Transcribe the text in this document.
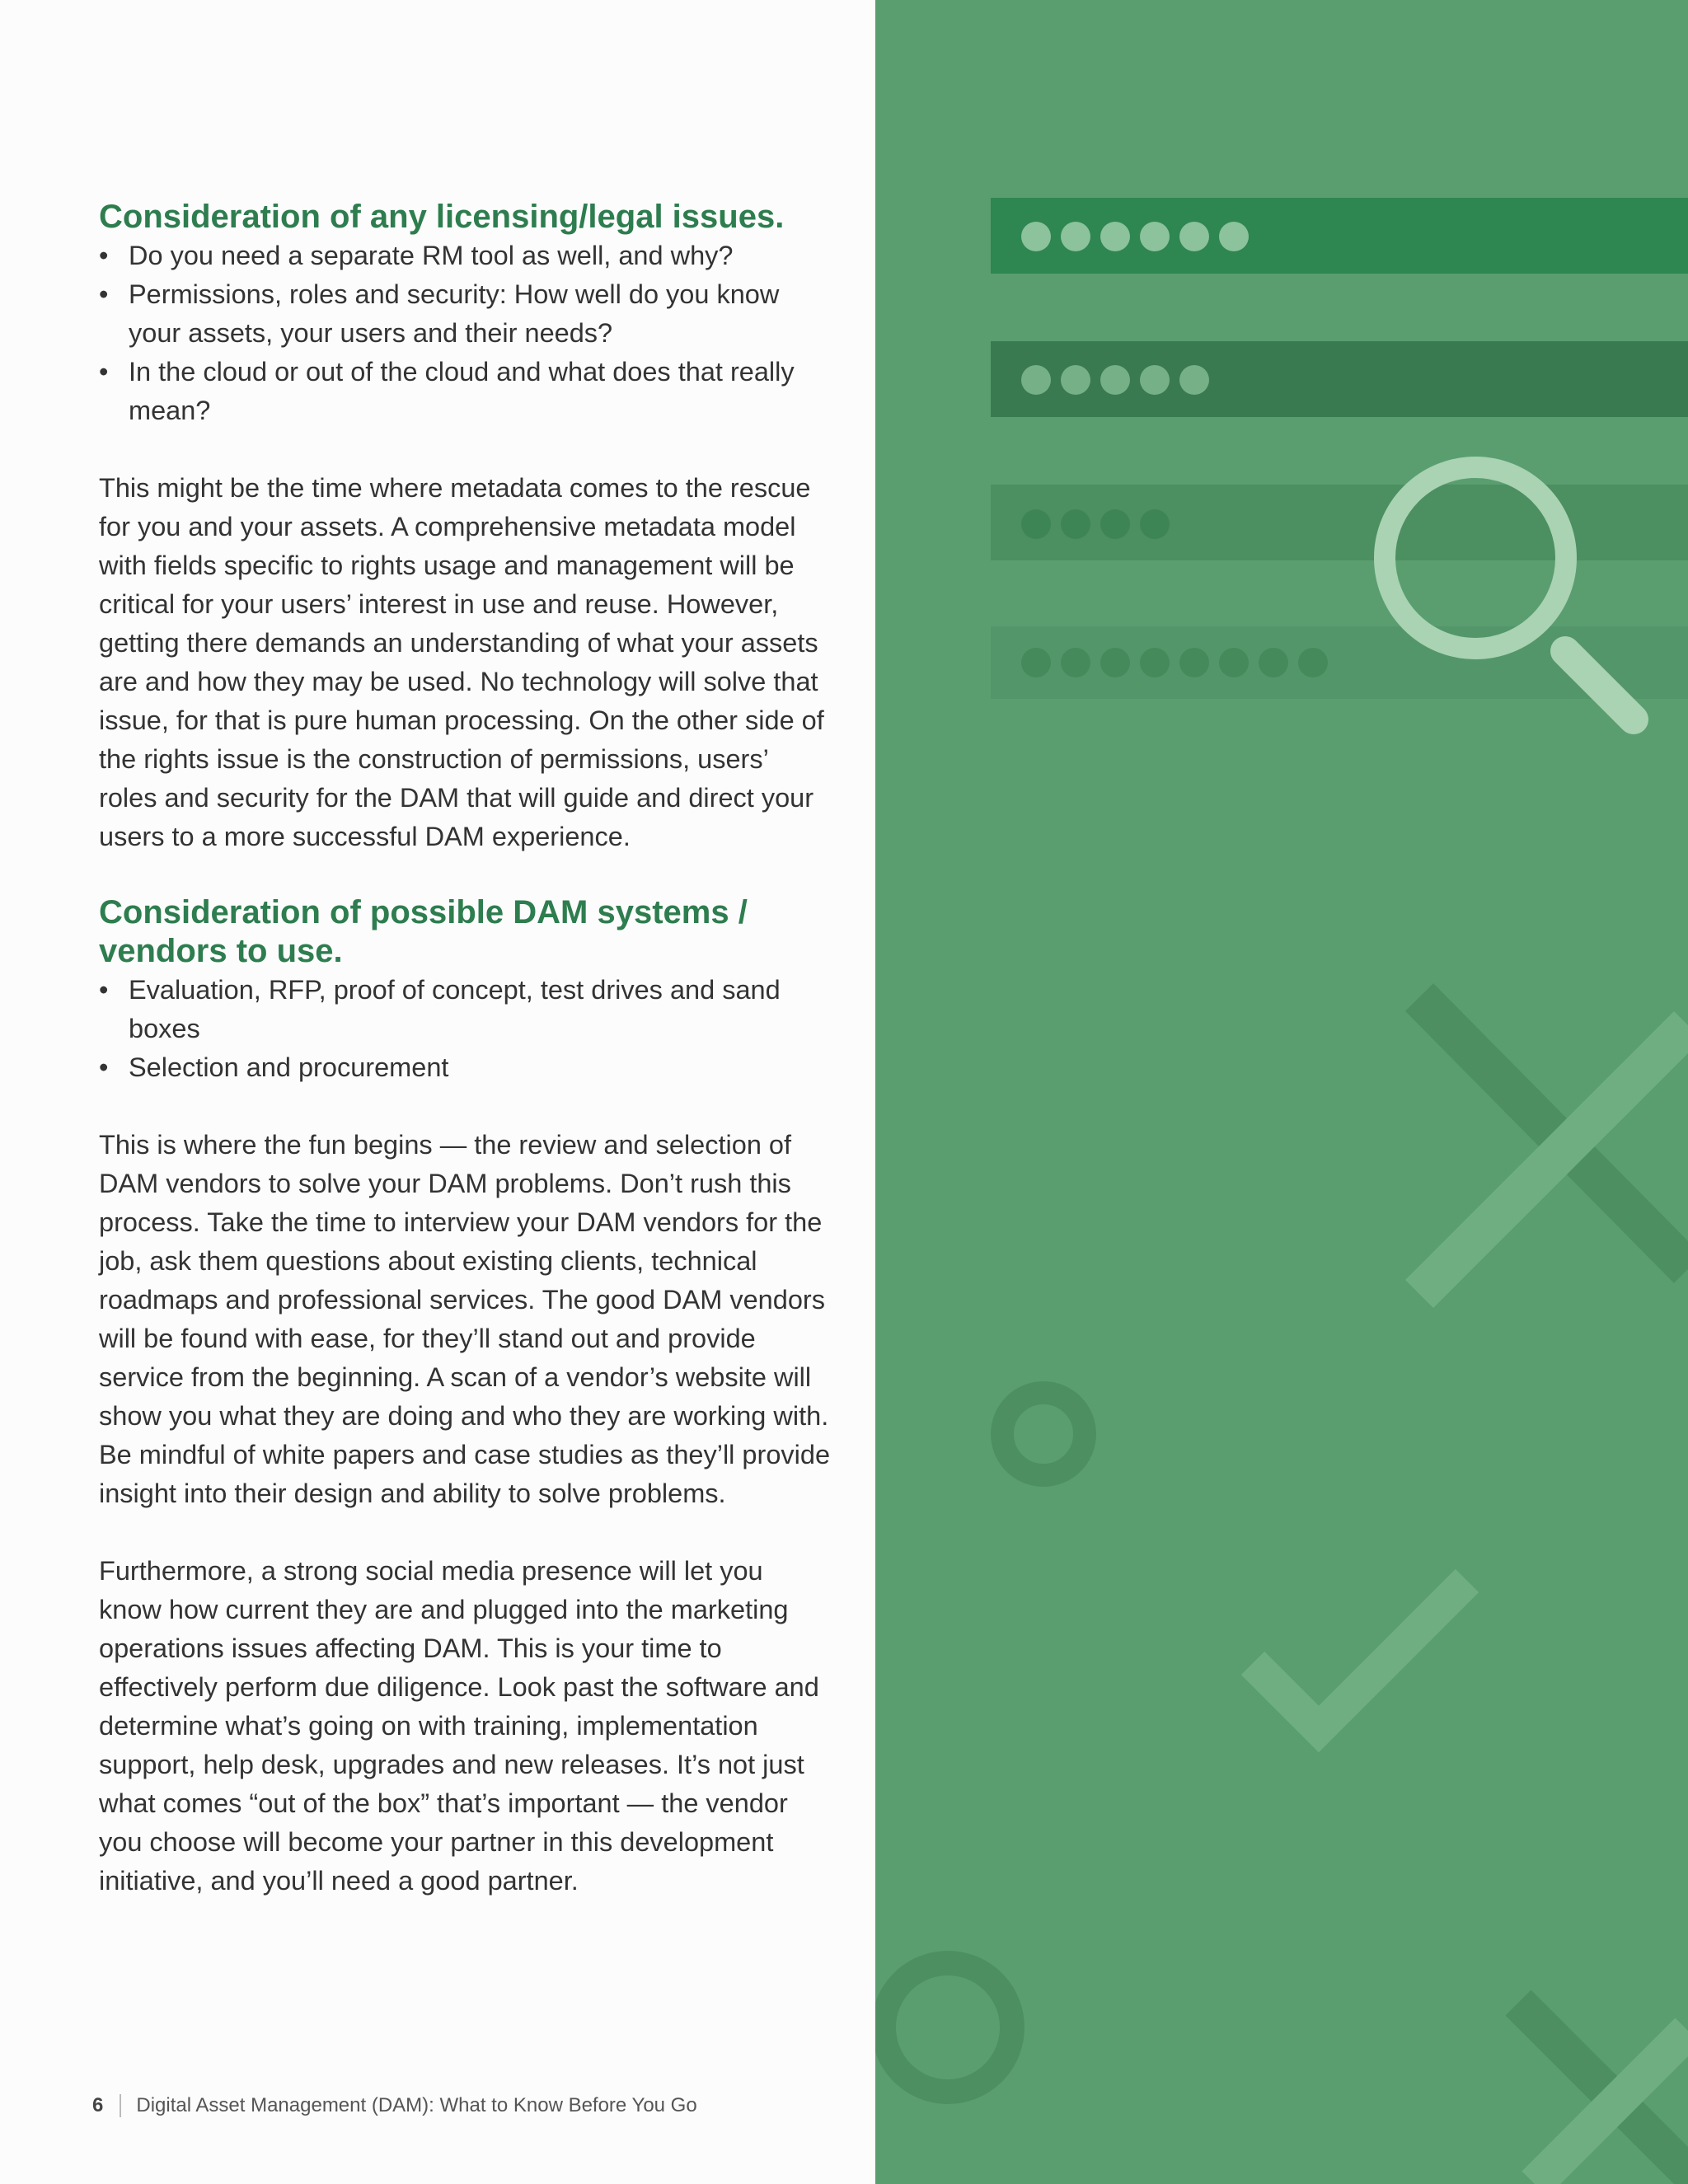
Consideration of any licensing/legal issues.
• Do you need a separate RM tool as well, and why?
• Permissions, roles and security: How well do you know your assets, your users and their needs?
• In the cloud or out of the cloud and what does that really mean?

This might be the time where metadata comes to the rescue for you and your assets. A comprehensive metadata model with fields specific to rights usage and management will be critical for your users’ interest in use and reuse. However, getting there demands an understanding of what your assets are and how they may be used. No technology will solve that issue, for that is pure human processing. On the other side of the rights issue is the construction of permissions, users’ roles and security for the DAM that will guide and direct your users to a more successful DAM experience.

Consideration of possible DAM systems / vendors to use.
• Evaluation, RFP, proof of concept, test drives and sand boxes
• Selection and procurement

This is where the fun begins — the review and selection of DAM vendors to solve your DAM problems. Don’t rush this process. Take the time to interview your DAM vendors for the job, ask them questions about existing clients, technical roadmaps and professional services. The good DAM vendors will be found with ease, for they’ll stand out and provide service from the beginning. A scan of a vendor’s website will show you what they are doing and who they are working with. Be mindful of white papers and case studies as they’ll provide insight into their design and ability to solve problems.

Furthermore, a strong social media presence will let you know how current they are and plugged into the marketing operations issues affecting DAM. This is your time to effectively perform due diligence. Look past the software and determine what’s going on with training, implementation support, help desk, upgrades and new releases. It’s not just what comes “out of the box” that’s important — the vendor you choose will become your partner in this development initiative, and you’ll need a good partner.

6 Digital Asset Management (DAM): What to Know Before You Go
